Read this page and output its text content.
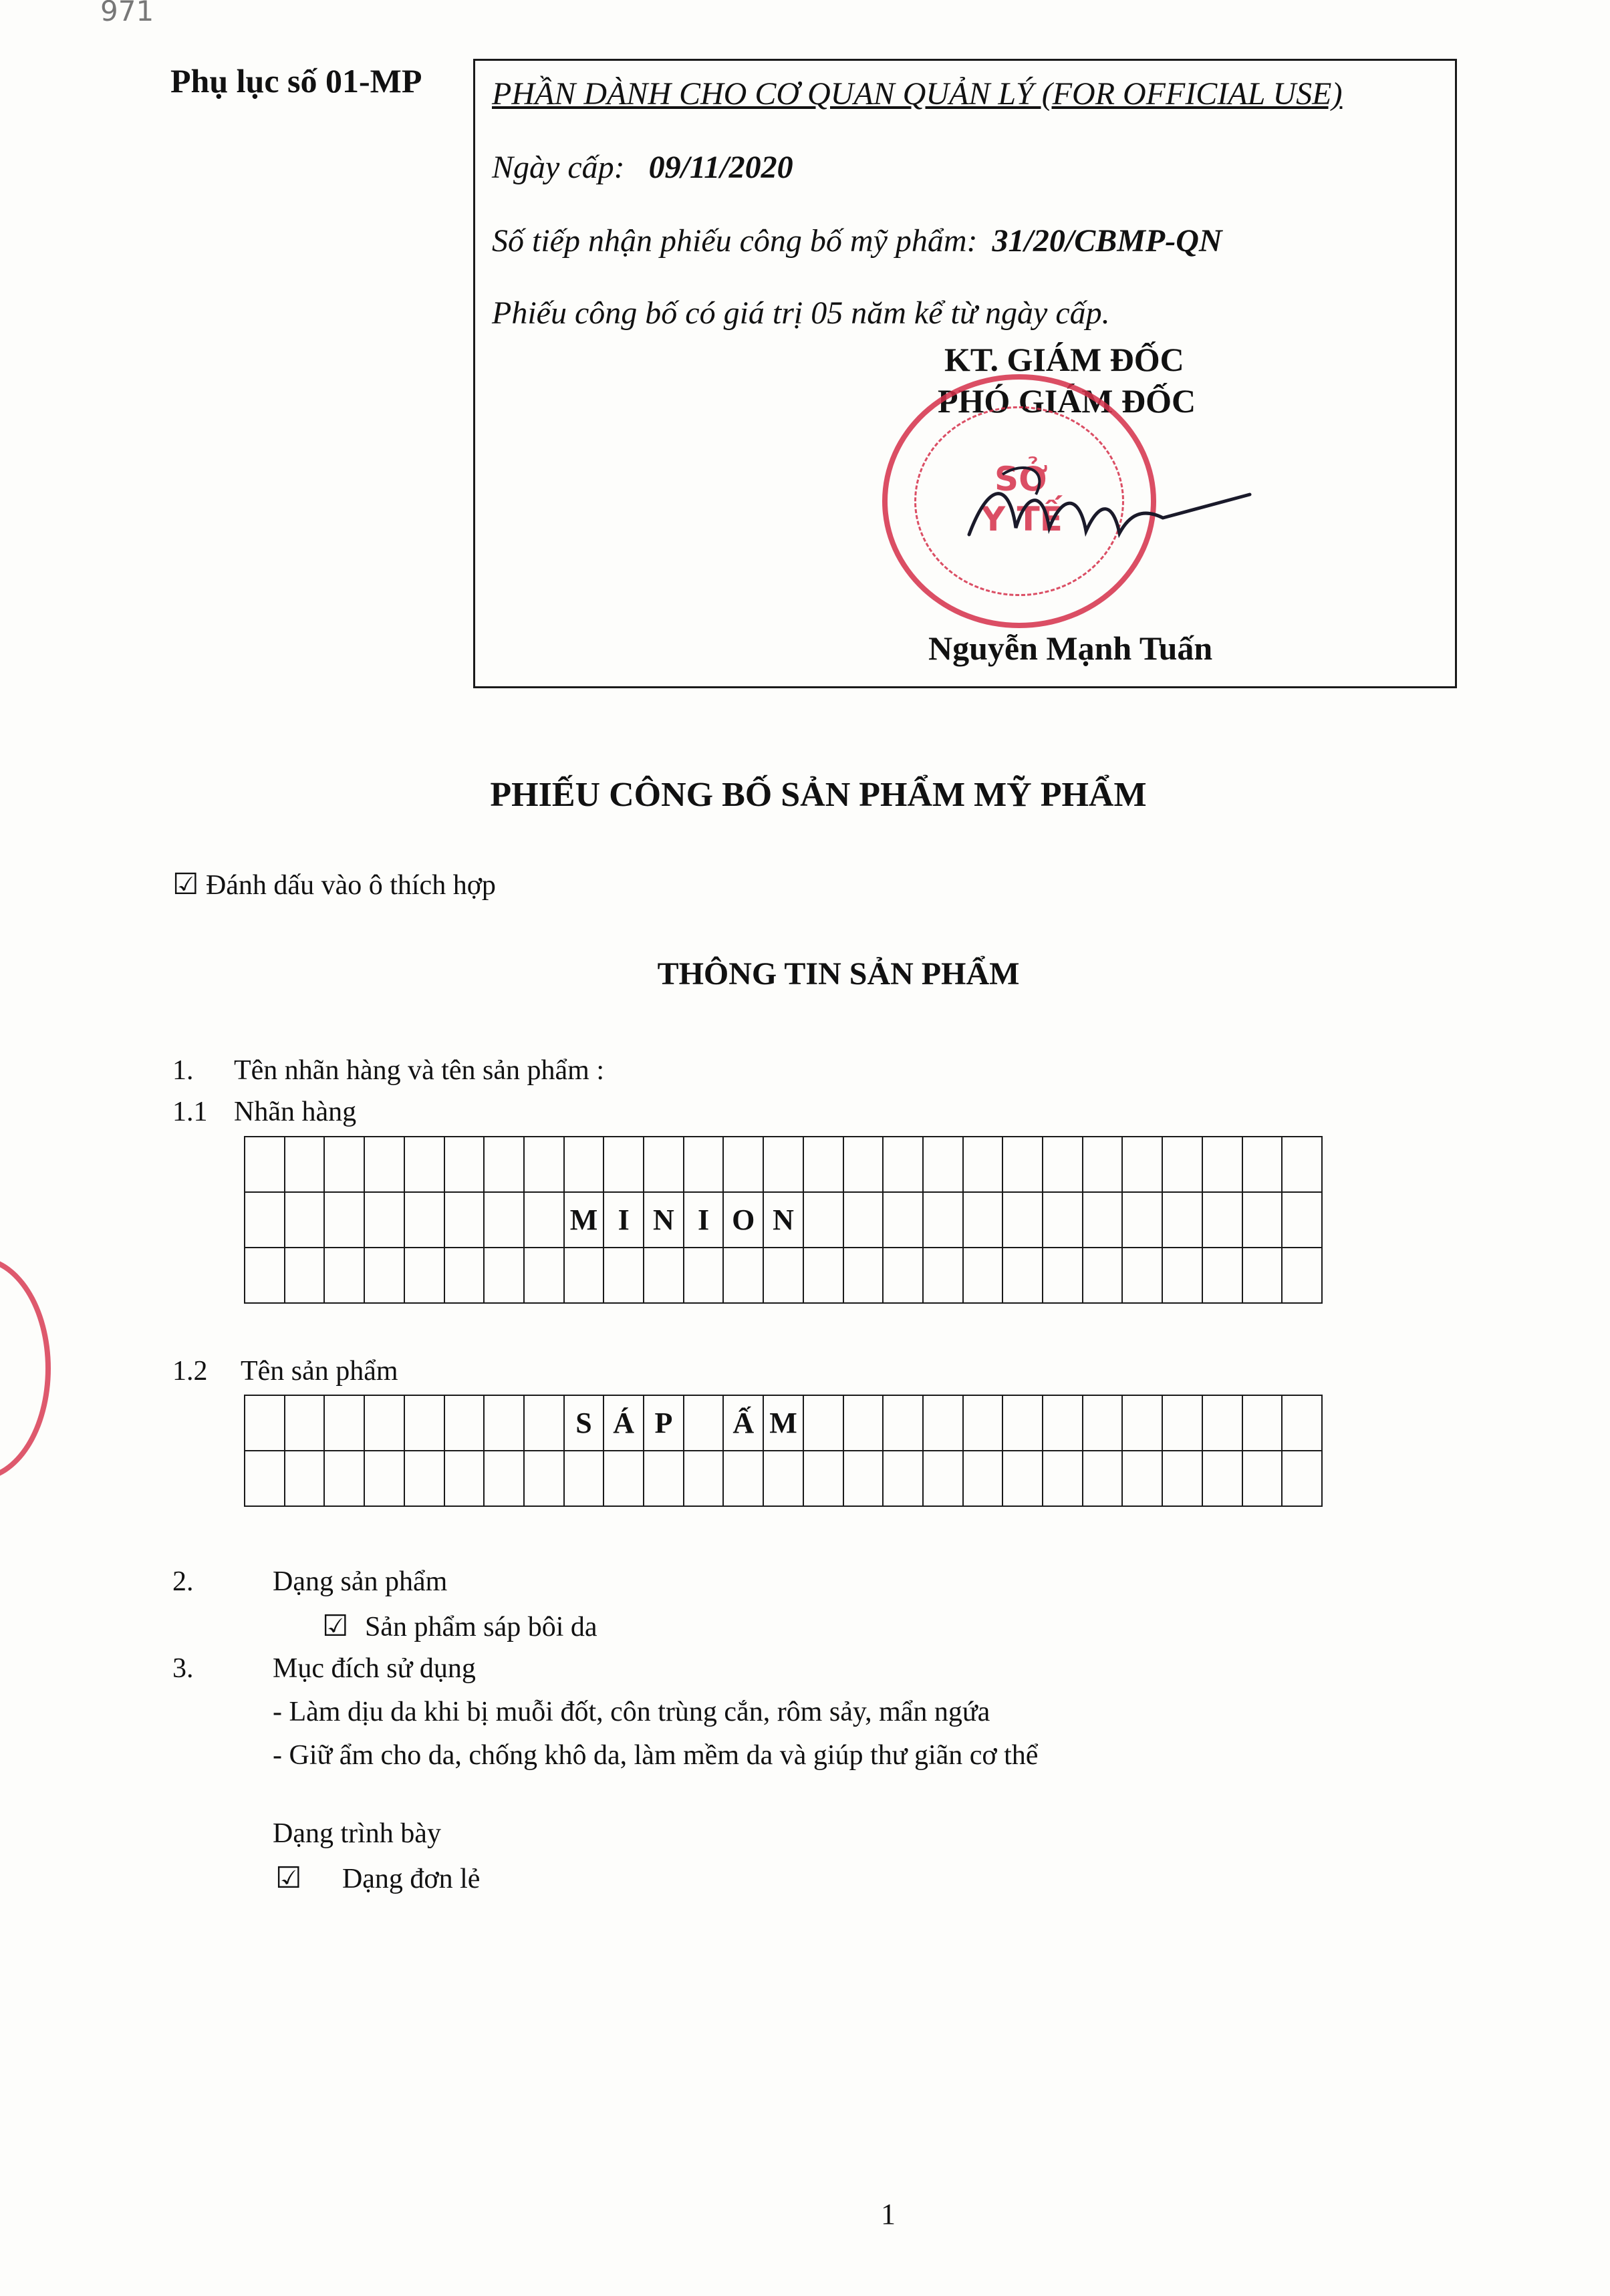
971
Phụ lục số 01-MP PHẦN DÀNH CHO CƠ QUAN QUẢN LÝ (FOR OFFICIAL USE)
Ngày cấp: 09/11/2020
Số tiếp nhận phiếu công bố mỹ phẩm: 31/20/CBMP-QN
Phiếu công bố có giá trị 05 năm kể từ ngày cấp.
KT. GIÁM ĐỐC
PHÓ GIÁM ĐỐC
Nguyễn Mạnh Tuấn
SỞ
Y TẾ
PHIẾU CÔNG BỐ SẢN PHẨM MỸ PHẨM
☑ Đánh dấu vào ô thích hợp
THÔNG TIN SẢN PHẨM
1. Tên nhãn hàng và tên sản phẩm :
1.1 Nhãn hàng

								M	I	N	I	O	N													

1.2 Tên sản phẩm
								S	Á	P		Ấ	M													

2.	Dạng sản phẩm
☑ Sản phẩm sáp bôi da
3.	Mục đích sử dụng
- Làm dịu da khi bị muỗi đốt, côn trùng cắn, rôm sảy, mẩn ngứa
- Giữ ẩm cho da, chống khô da, làm mềm da và giúp thư giãn cơ thể
Dạng trình bày
☑ Dạng đơn lẻ
1
